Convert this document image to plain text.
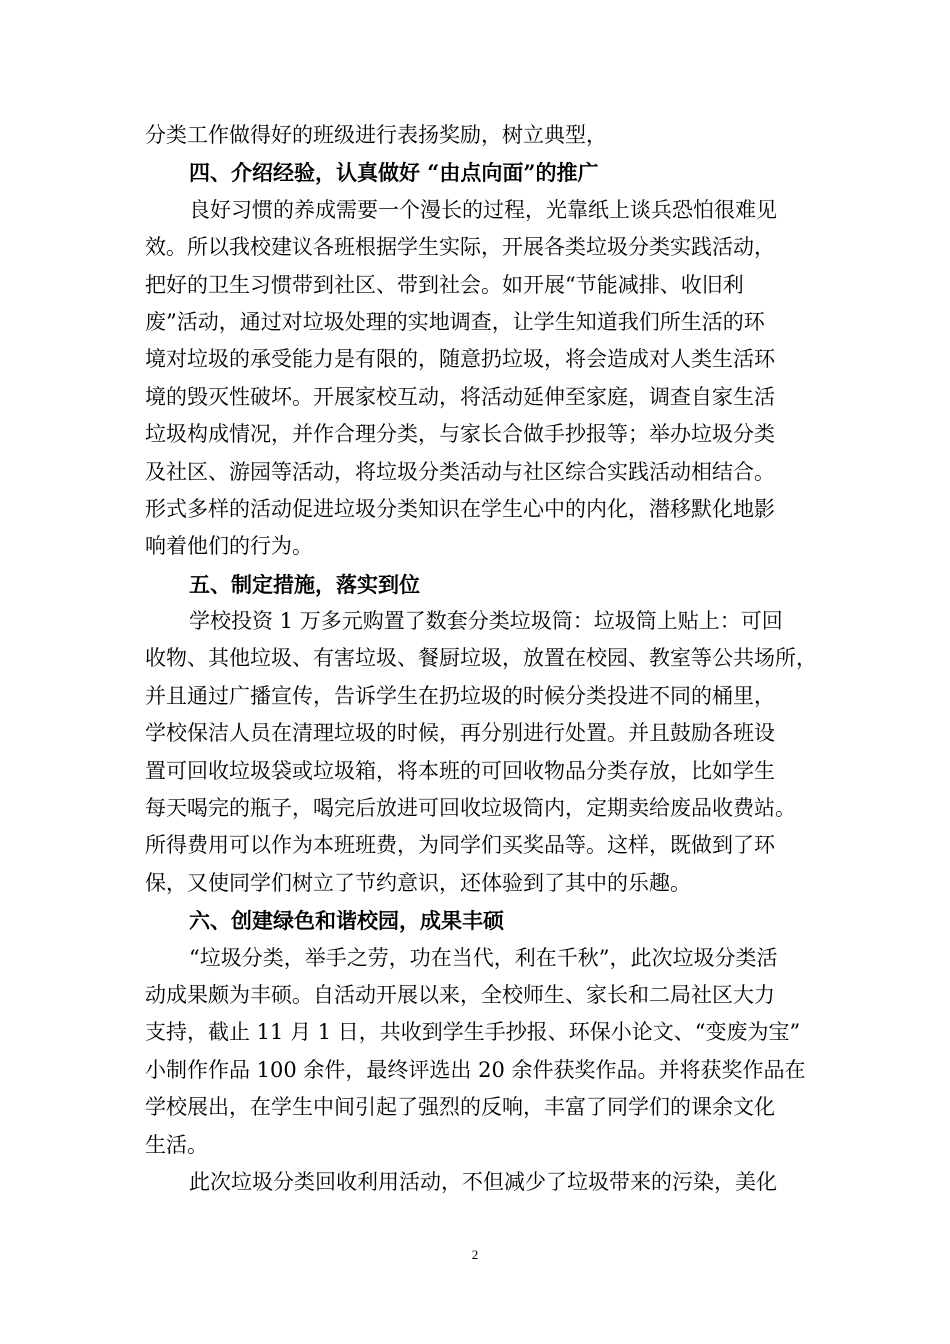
分类工作做得好的班级进行表扬奖励，树立典型，
四、介绍经验，认真做好 “由点向面”的推广
良好习惯的养成需要一个漫长的过程，光靠纸上谈兵恐怕很难见
效。所以我校建议各班根据学生实际，开展各类垃圾分类实践活动，
把好的卫生习惯带到社区、带到社会。如开展“节能减排、收旧利
废”活动，通过对垃圾处理的实地调查，让学生知道我们所生活的环
境对垃圾的承受能力是有限的，随意扔垃圾，将会造成对人类生活环
境的毁灭性破坏。开展家校互动，将活动延伸至家庭，调查自家生活
垃圾构成情况，并作合理分类，与家长合做手抄报等；举办垃圾分类
及社区、游园等活动，将垃圾分类活动与社区综合实践活动相结合。
形式多样的活动促进垃圾分类知识在学生心中的内化，潜移默化地影
响着他们的行为。
五、制定措施，落实到位
学校投资 1 万多元购置了数套分类垃圾筒：垃圾筒上贴上：可回
收物、其他垃圾、有害垃圾、餐厨垃圾，放置在校园、教室等公共场所，
并且通过广播宣传，告诉学生在扔垃圾的时候分类投进不同的桶里，
学校保洁人员在清理垃圾的时候，再分别进行处置。并且鼓励各班设
置可回收垃圾袋或垃圾箱，将本班的可回收物品分类存放，比如学生
每天喝完的瓶子，喝完后放进可回收垃圾筒内，定期卖给废品收费站。
所得费用可以作为本班班费，为同学们买奖品等。这样，既做到了环
保，又使同学们树立了节约意识，还体验到了其中的乐趣。
六、创建绿色和谐校园，成果丰硕
“垃圾分类，举手之劳，功在当代，利在千秋”，此次垃圾分类活
动成果颇为丰硕。自活动开展以来，全校师生、家长和二局社区大力
支持，截止 11 月 1 日，共收到学生手抄报、环保小论文、“变废为宝”
小制作作品 100 余件，最终评选出 20 余件获奖作品。并将获奖作品在
学校展出，在学生中间引起了强烈的反响，丰富了同学们的课余文化
生活。
此次垃圾分类回收利用活动，不但减少了垃圾带来的污染，美化
2
